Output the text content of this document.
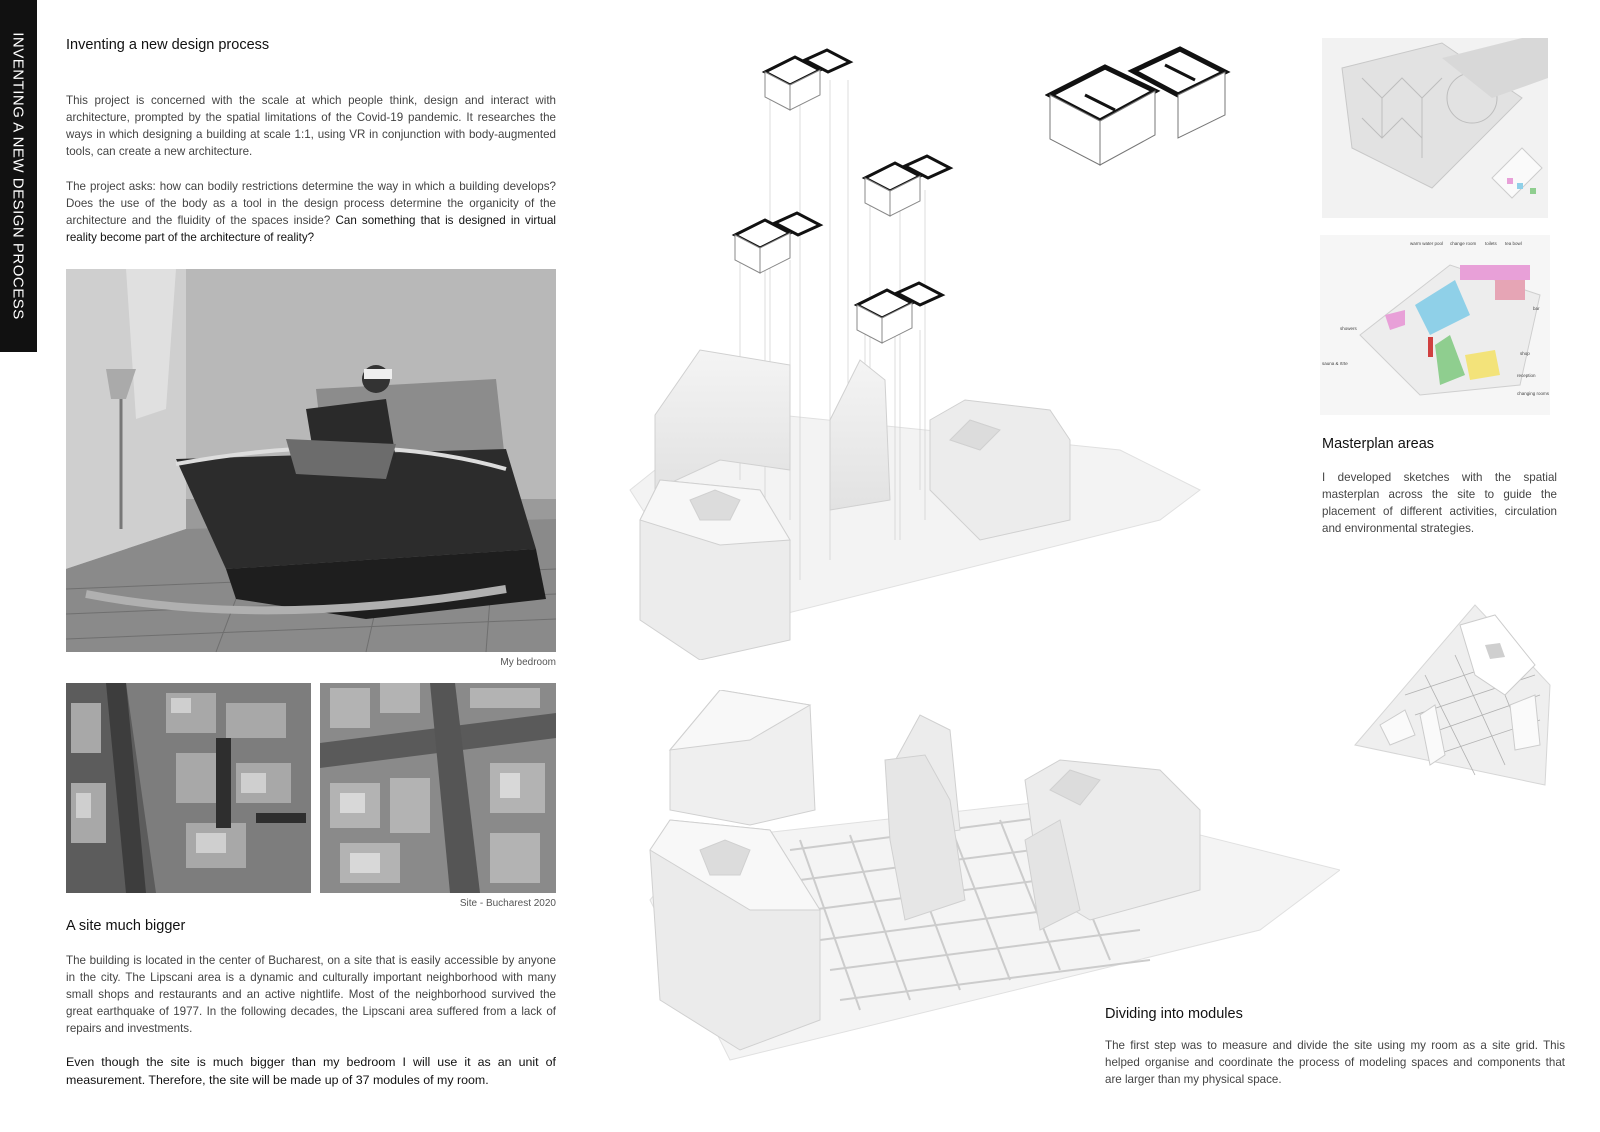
INVENTING A NEW DESIGN PROCESS	Inventing a new design process

This project is concerned with the scale at which people think, design and interact with architecture, prompted by the spatial limitations of the Covid-19 pandemic. It researches the ways in which designing a building at scale 1:1, using VR in conjunction with body-augmented tools, can create a new architecture.

The project asks: how can bodily restrictions determine the way in which a building develops? Does the use of the body as a tool in the design process determine the organicity of the architecture and the fluidity of the spaces inside? Can something that is designed in virtual reality become part of the architecture of reality?

My bedroom
Site - Bucharest 2020
A site much bigger

The building is located in the center of Bucharest, on a site that is easily accessible by anyone in the city. The Lipscani area is a dynamic and culturally important neighborhood with many small shops and restaurants and an active nightlife. Most of the neighborhood survived the great earthquake of 1977. In the following decades, the Lipscani area suffered from a lack of repairs and investments.

Even though the site is much bigger than my bedroom I will use it as an unit of measurement. Therefore, the site will be made up of 37 modules of my room.

warm water pool change room toilets tea bowl
bar
showers
sauna & rtrte
shop
reception
changing rooms
Masterplan areas

I developed sketches with the spatial masterplan across the site to guide the placement of different activities, circulation and environmental strategies.

Dividing into modules

The first step was to measure and divide the site using my room as a site grid. This helped organise and coordinate the process of modeling spaces and components that are larger than my physical space.
